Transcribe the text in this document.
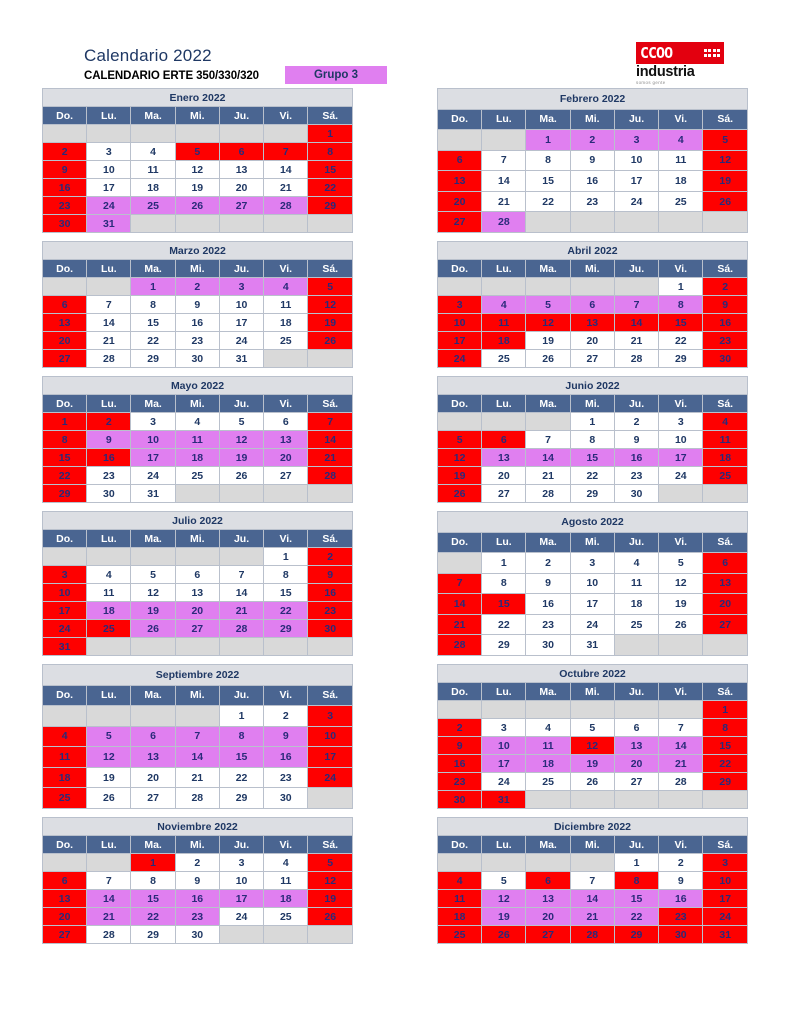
Calendario 2022
CALENDARIO ERTE 350/330/320	Grupo 3
CCOO
industria
somos gente
Enero 2022						
Do.	Lu.	Ma.	Mi.	Ju.	Vi.	Sá.
						1
2	3	4	5	6	7	8
9	10	11	12	13	14	15
16	17	18	19	20	21	22
23	24	25	26	27	28	29
30	31					
Febrero 2022						
Do.	Lu.	Ma.	Mi.	Ju.	Vi.	Sá.
		1	2	3	4	5
6	7	8	9	10	11	12
13	14	15	16	17	18	19
20	21	22	23	24	25	26
27	28					
Marzo 2022						
Do.	Lu.	Ma.	Mi.	Ju.	Vi.	Sá.
		1	2	3	4	5
6	7	8	9	10	11	12
13	14	15	16	17	18	19
20	21	22	23	24	25	26
27	28	29	30	31		
Abril 2022						
Do.	Lu.	Ma.	Mi.	Ju.	Vi.	Sá.
					1	2
3	4	5	6	7	8	9
10	11	12	13	14	15	16
17	18	19	20	21	22	23
24	25	26	27	28	29	30
Mayo 2022						
Do.	Lu.	Ma.	Mi.	Ju.	Vi.	Sá.
1	2	3	4	5	6	7
8	9	10	11	12	13	14
15	16	17	18	19	20	21
22	23	24	25	26	27	28
29	30	31				
Junio 2022						
Do.	Lu.	Ma.	Mi.	Ju.	Vi.	Sá.
			1	2	3	4
5	6	7	8	9	10	11
12	13	14	15	16	17	18
19	20	21	22	23	24	25
26	27	28	29	30		
Julio 2022						
Do.	Lu.	Ma.	Mi.	Ju.	Vi.	Sá.
					1	2
3	4	5	6	7	8	9
10	11	12	13	14	15	16
17	18	19	20	21	22	23
24	25	26	27	28	29	30
31						
Agosto 2022						
Do.	Lu.	Ma.	Mi.	Ju.	Vi.	Sá.
	1	2	3	4	5	6
7	8	9	10	11	12	13
14	15	16	17	18	19	20
21	22	23	24	25	26	27
28	29	30	31			
Septiembre 2022						
Do.	Lu.	Ma.	Mi.	Ju.	Vi.	Sá.
				1	2	3
4	5	6	7	8	9	10
11	12	13	14	15	16	17
18	19	20	21	22	23	24
25	26	27	28	29	30	
Octubre 2022						
Do.	Lu.	Ma.	Mi.	Ju.	Vi.	Sá.
						1
2	3	4	5	6	7	8
9	10	11	12	13	14	15
16	17	18	19	20	21	22
23	24	25	26	27	28	29
30	31					
Noviembre 2022						
Do.	Lu.	Ma.	Mi.	Ju.	Vi.	Sá.
		1	2	3	4	5
6	7	8	9	10	11	12
13	14	15	16	17	18	19
20	21	22	23	24	25	26
27	28	29	30			
Diciembre 2022						
Do.	Lu.	Ma.	Mi.	Ju.	Vi.	Sá.
				1	2	3
4	5	6	7	8	9	10
11	12	13	14	15	16	17
18	19	20	21	22	23	24
25	26	27	28	29	30	31
